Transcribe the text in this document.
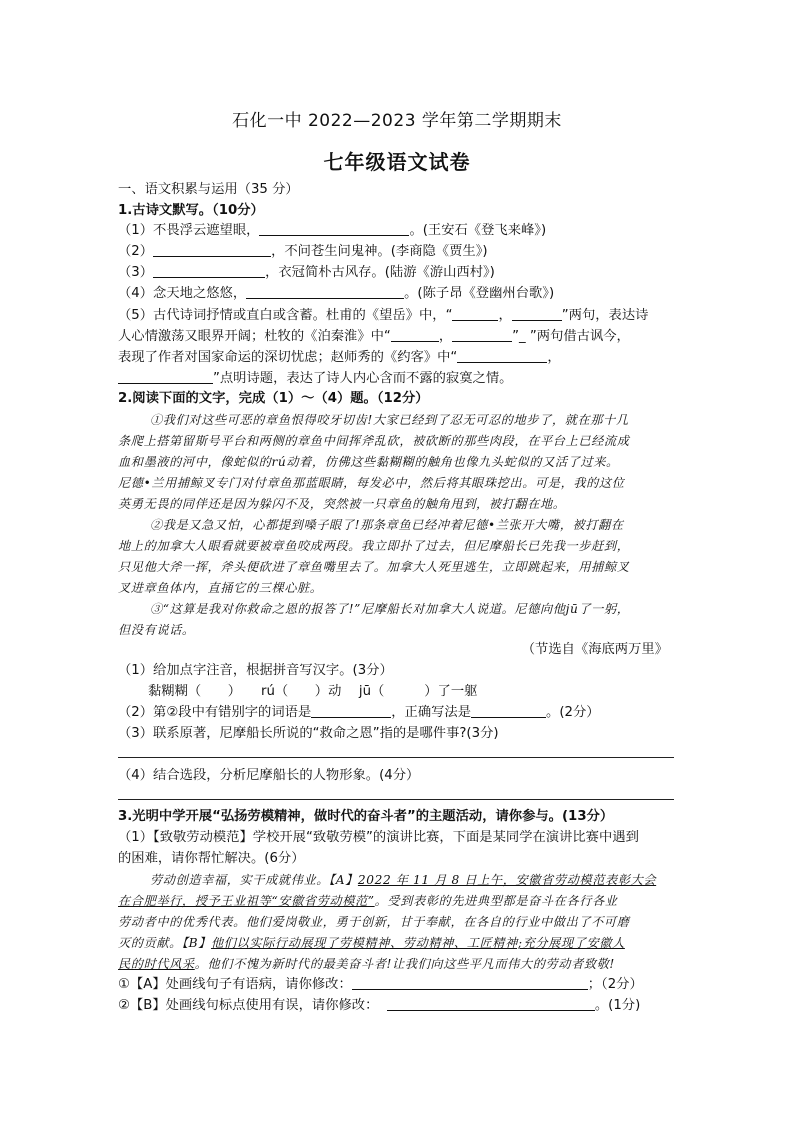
石化一中 2022—2023 学年第二学期期末
七年级语文试卷
一、语文积累与运用（35 分）
1.古诗文默写。（10分）
（1）不畏浮云遮望眼，	。(王安石《登飞来峰》)
（2）	，不问苍生问鬼神。(李商隐《贾生》)
（3）	，衣冠简朴古风存。(陆游《游山西村》)
（4）念天地之悠悠，	。(陈子昂《登幽州台歌》)
（5）古代诗词抒情或直白或含蓄。杜甫的《望岳》中，“	，	”两句，表达诗
人心情激荡又眼界开阔；杜牧的《泊秦淮》中“	，	”_ ”两句借古讽今，
表现了作者对国家命运的深切忧虑；赵师秀的《约客》中“	，
”点明诗题，表达了诗人内心含而不露的寂寞之情。
2.阅读下面的文字，完成（1）～（4）题。（12分）
①我们对这些可恶的章鱼恨得咬牙切齿!大家已经到了忍无可忍的地步了，就在那十几
条爬上搭第留斯号平台和两侧的章鱼中间挥斧乱砍，被砍断的那些肉段，在平台上已经流成
血和墨液的河中，像蛇似的rú动着，仿佛这些黏糊糊的触角也像九头蛇似的又活了过来。
尼德•兰用捕鲸叉专门对付章鱼那蓝眼睛，每发必中，然后将其眼珠挖出。可是，我的这位
英勇无畏的同伴还是因为躲闪不及，突然被一只章鱼的触角甩到，被打翻在地。
②我是又急又怕，心都提到嗓子眼了!那条章鱼已经冲着尼德•兰张开大嘴，被打翻在
地上的加拿大人眼看就要被章鱼咬成两段。我立即扑了过去，但尼摩船长已先我一步赶到，
只见他大斧一挥，斧头便砍进了章鱼嘴里去了。加拿大人死里逃生，立即跳起来，用捕鲸叉
叉进章鱼体内，直捅它的三棵心脏。
③“这算是我对你救命之恩的报答了!”尼摩船长对加拿大人说道。尼德向他jū了一躬，
但没有说话。
（节选自《海底两万里》
（1）给加点字注音，根据拼音写汉字。(3分）
黏糊糊（　　）　　rú（　　）动　 jū（　　　）了一躯
（2）第②段中有错别字的词语是	，正确写法是	。(2分）
（3）联系原著，尼摩船长所说的“救命之恩”指的是哪件事?(3分)
（4）结合选段，分析尼摩船长的人物形象。(4分）
3.光明中学开展“弘扬劳模精神，做时代的奋斗者”的主题活动，请你参与。(13分）
（1）【致敬劳动模范】学校开展“致敬劳模”的演讲比赛，下面是某同学在演讲比赛中遇到
的困难，请你帮忙解决。(6分）
劳动创造幸福，实干成就伟业。【A】2022 年 11 月 8 日上午，安徽省劳动模范表彰大会
在合肥举行，授予王业祖等“安徽省劳动模范”。受到表彰的先进典型都是奋斗在各行各业
劳动者中的优秀代表。他们爱岗敬业，勇于创新，甘于奉献，在各自的行业中做出了不可磨
灭的贡献。【B】他们以实际行动展现了劳模精神、劳动精神、工匠精神;充分展现了安徽人
民的时代风采。他们不愧为新时代的最美奋斗者!让我们向这些平凡而伟大的劳动者致敬!
①【A】处画线句子有语病，请你修改：	；（2分）
②【B】处画线句标点使用有误，请你修改：	。(1分)
